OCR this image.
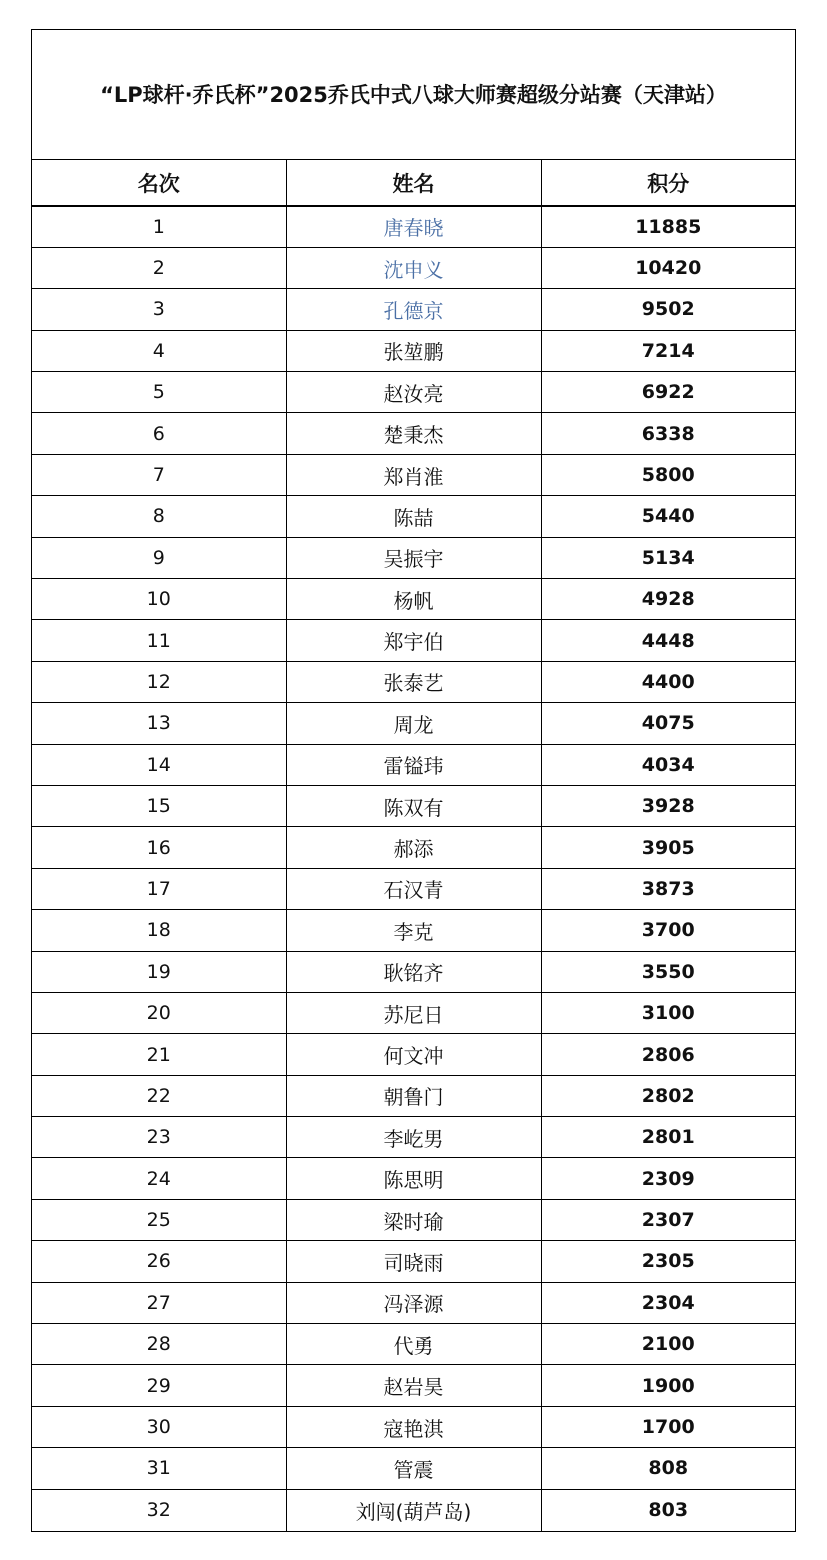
“LP球杆·乔氏杯”2025乔氏中式八球大师赛超级分站赛（天津站）
名次	姓名	积分
1	唐春晓	11885
2	沈申义	10420
3	孔德京	9502
4	张堃鹏	7214
5	赵汝亮	6922
6	楚秉杰	6338
7	郑肖淮	5800
8	陈喆	5440
9	吴振宇	5134
10	杨帆	4928
11	郑宇伯	4448
12	张泰艺	4400
13	周龙	4075
14	雷镒玮	4034
15	陈双有	3928
16	郝添	3905
17	石汉青	3873
18	李克	3700
19	耿铭齐	3550
20	苏尼日	3100
21	何文冲	2806
22	朝鲁门	2802
23	李屹男	2801
24	陈思明	2309
25	梁时瑜	2307
26	司晓雨	2305
27	冯泽源	2304
28	代勇	2100
29	赵岩昊	1900
30	寇艳淇	1700
31	管震	808
32	刘闯(葫芦岛)	803
